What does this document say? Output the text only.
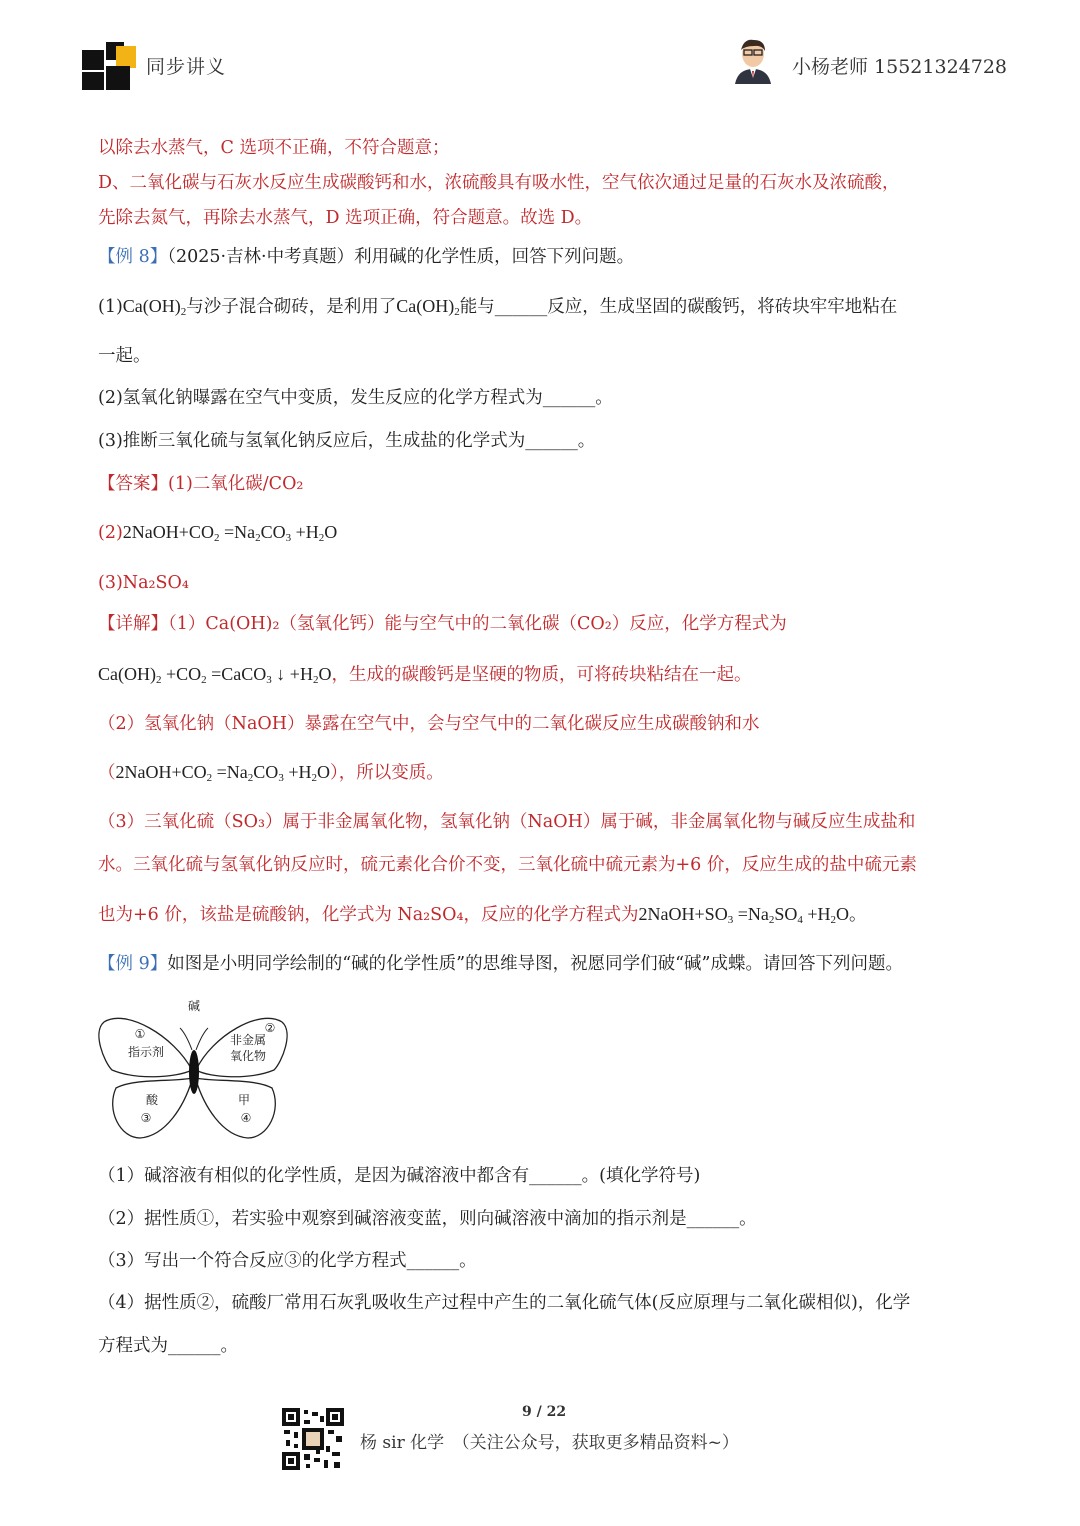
同步讲义	小杨老师 15521324728
以除去水蒸气，C 选项不正确，不符合题意；
D、二氧化碳与石灰水反应生成碳酸钙和水，浓硫酸具有吸水性，空气依次通过足量的石灰水及浓硫酸，
先除去氮气，再除去水蒸气，D 选项正确，符合题意。故选 D。
【例 8】（2025·吉林·中考真题）利用碱的化学性质，回答下列问题。
$(1)Ca(OH)_2$与沙子混合砌砖，是利用了$Ca(OH)_2$能与______反应，生成坚固的碳酸钙，将砖块牢牢地粘在
一起。
(2)氢氧化钠曝露在空气中变质，发生反应的化学方程式为______。
(3)推断三氧化硫与氢氧化钠反应后，生成盐的化学式为______。
【答案】(1)二氧化碳/CO₂
$(2)2NaOH+CO_2 =Na_2CO_3 +H_2O$
(3)Na₂SO₄
【详解】（1）Ca(OH)₂（氢氧化钙）能与空气中的二氧化碳（CO₂）反应，化学方程式为
$Ca(OH)_2 +CO_2$ =CaCO$_3$ ↓ $+H_2O$，生成的碳酸钙是坚硬的物质，可将砖块粘结在一起。
（2）氢氧化钠（NaOH）暴露在空气中，会与空气中的二氧化碳反应生成碳酸钠和水
$(2NaOH+CO_2 =Na_2CO_3 +H_2O)$，所以变质。
（3）三氧化硫（SO₃）属于非金属氧化物，氢氧化钠（NaOH）属于碱，非金属氧化物与碱反应生成盐和
水。三氧化硫与氢氧化钠反应时，硫元素化合价不变，三氧化硫中硫元素为+6 价，反应生成的盐中硫元素
也为+6 价，该盐是硫酸钠，化学式为 Na₂SO₄，反应的化学方程式为$2NaOH+SO_3 =Na_2SO_4 +H_2O$。
【例 9】如图是小明同学绘制的“碱的化学性质”的思维导图，祝愿同学们破“碱”成蝶。请回答下列问题。
碱
①
指示剂
②
非金属
氧化物
酸
③
甲
④
（1）碱溶液有相似的化学性质，是因为碱溶液中都含有______。(填化学符号)
（2）据性质①，若实验中观察到碱溶液变蓝，则向碱溶液中滴加的指示剂是______。
（3）写出一个符合反应③的化学方程式______。
（4）据性质②，硫酸厂常用石灰乳吸收生产过程中产生的二氧化硫气体(反应原理与二氧化碳相似)，化学
方程式为______。
9 / 22
杨 sir 化学　（关注公众号，获取更多精品资料~）
